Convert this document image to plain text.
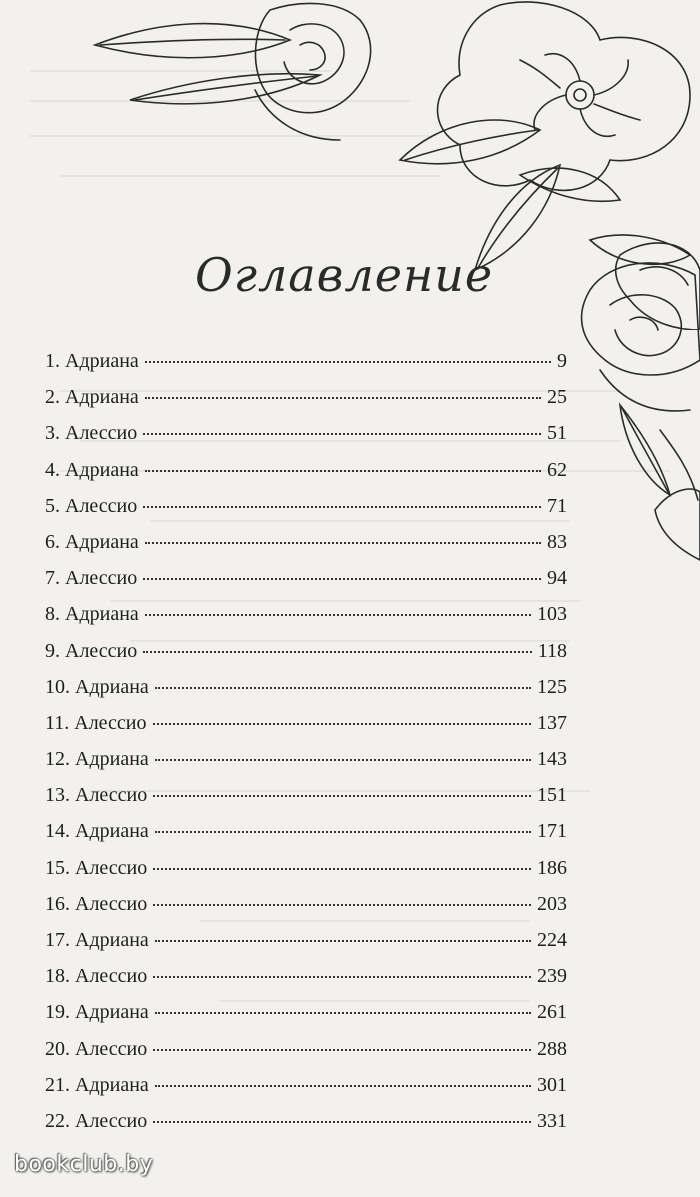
Оглавление
1. Адриана	9
2. Адриана	25
3. Алессио	51
4. Адриана	62
5. Алессио	71
6. Адриана	83
7. Алессио	94
8. Адриана	103
9. Алессио	118
10. Адриана	125
11. Алессио	137
12. Адриана	143
13. Алессио	151
14. Адриана	171
15. Алессио	186
16. Алессио	203
17. Адриана	224
18. Алессио	239
19. Адриана	261
20. Алессио	288
21. Адриана	301
22. Алессио	331
bookclub.by
